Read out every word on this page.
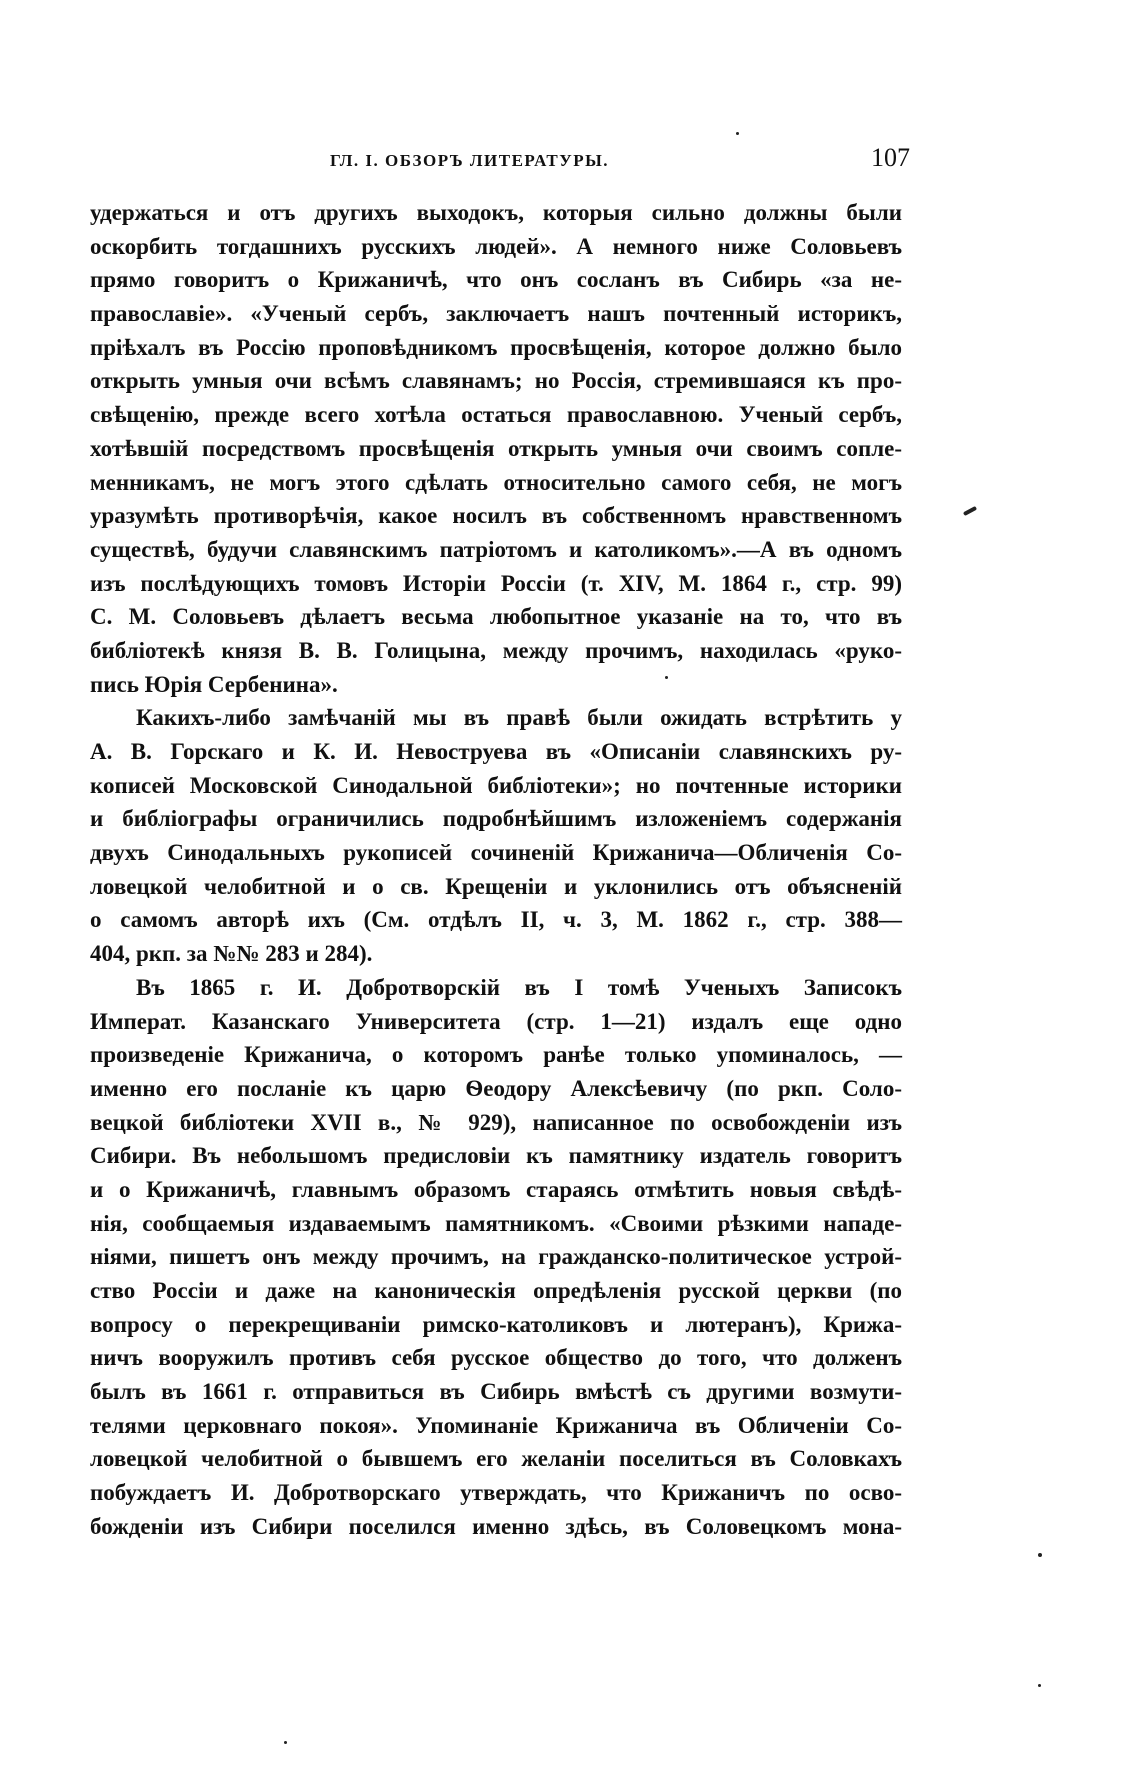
ГЛ. I. ОБЗОРЪ ЛИТЕРАТУРЫ.	107
удержаться и отъ другихъ выходокъ, которыя сильно должны были
оскорбить тогдашнихъ русскихъ людей». А немного ниже Соловьевъ
прямо говоритъ о Крижаничѣ, что онъ сосланъ въ Сибирь «за не-
православіе». «Ученый сербъ, заключаетъ нашъ почтенный историкъ,
пріѣхалъ въ Россію проповѣдникомъ просвѣщенія, которое должно было
открыть умныя очи всѣмъ славянамъ; но Россія, стремившаяся къ про-
свѣщенію, прежде всего хотѣла остаться православною. Ученый сербъ,
хотѣвшій посредствомъ просвѣщенія открыть умныя очи своимъ сопле-
менникамъ, не могъ этого сдѣлать относительно самого себя, не могъ
уразумѣть противорѣчія, какое носилъ въ собственномъ нравственномъ
существѣ, будучи славянскимъ патріотомъ и католикомъ».—А въ одномъ
изъ послѣдующихъ томовъ Исторіи Россіи (т. XIV, М. 1864 г., стр. 99)
С. М. Соловьевъ дѣлаетъ весьма любопытное указаніе на то, что въ
библіотекѣ князя В. В. Голицына, между прочимъ, находилась «руко-
пись Юрія Сербенина».
Какихъ-либо замѣчаній мы въ правѣ были ожидать встрѣтить у
А. В. Горскаго и К. И. Невоструева въ «Описаніи славянскихъ ру-
кописей Московской Синодальной библіотеки»; но почтенные историки
и библіографы ограничились подробнѣйшимъ изложеніемъ содержанія
двухъ Синодальныхъ рукописей сочиненій Крижанича—Обличенія Со-
ловецкой челобитной и о св. Крещеніи и уклонились отъ объясненій
о самомъ авторѣ ихъ (См. отдѣлъ II, ч. 3, М. 1862 г., стр. 388—
404, ркп. за №№ 283 и 284).
Въ 1865 г. И. Добротворскій въ I томѣ Ученыхъ Записокъ
Императ. Казанскаго Университета (стр. 1—21) издалъ еще одно
произведеніе Крижанича, о которомъ ранѣе только упоминалось, —
именно его посланіе къ царю Ѳеодору Алексѣевичу (по ркп. Соло-
вецкой библіотеки XVII в., № 929), написанное по освобожденіи изъ
Сибири. Въ небольшомъ предисловіи къ памятнику издатель говоритъ
и о Крижаничѣ, главнымъ образомъ стараясь отмѣтить новыя свѣдѣ-
нія, сообщаемыя издаваемымъ памятникомъ. «Своими рѣзкими нападе-
ніями, пишетъ онъ между прочимъ, на гражданско-политическое устрой-
ство Россіи и даже на каноническія опредѣленія русской церкви (по
вопросу о перекрещиваніи римско-католиковъ и лютеранъ), Крижа-
ничъ вооружилъ противъ себя русское общество до того, что долженъ
былъ въ 1661 г. отправиться въ Сибирь вмѣстѣ съ другими возмути-
телями церковнаго покоя». Упоминаніе Крижанича въ Обличеніи Со-
ловецкой челобитной о бывшемъ его желаніи поселиться въ Соловкахъ
побуждаетъ И. Добротворскаго утверждать, что Крижаничъ по осво-
божденіи изъ Сибири поселился именно здѣсь, въ Соловецкомъ мона-
